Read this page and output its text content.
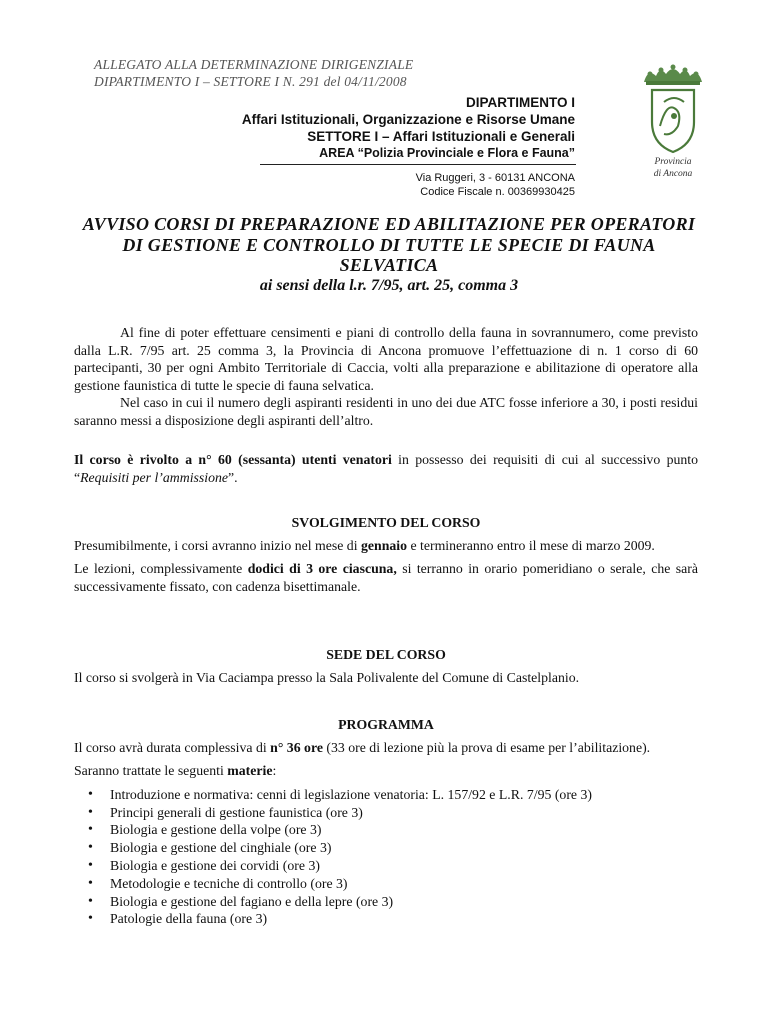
ALLEGATO ALLA DETERMINAZIONE DIRIGENZIALE
DIPARTIMENTO I – SETTORE I N. 291 del 04/11/2008
DIPARTIMENTO I
Affari Istituzionali, Organizzazione e Risorse Umane
SETTORE I – Affari Istituzionali e Generali
AREA “Polizia Provinciale e Flora e Fauna”
Via Ruggeri, 3 - 60131 ANCONA
Codice Fiscale n. 00369930425
Provincia
di Ancona
AVVISO CORSI DI PREPARAZIONE ED ABILITAZIONE PER OPERATORI
DI GESTIONE E CONTROLLO DI TUTTE LE SPECIE DI FAUNA
SELVATICA
ai sensi della l.r. 7/95, art. 25, comma 3

Al fine di poter effettuare censimenti e piani di controllo della fauna in sovrannumero, come previsto dalla L.R. 7/95 art. 25 comma 3, la Provincia di Ancona promuove l’effettuazione di n. 1 corso di 60 partecipanti, 30 per ogni Ambito Territoriale di Caccia, volti alla preparazione e abilitazione di operatore alla gestione faunistica di tutte le specie di fauna selvatica.

Nel caso in cui il numero degli aspiranti residenti in uno dei due ATC fosse inferiore a 30, i posti residui saranno messi a disposizione degli aspiranti dell’altro.

Il corso è rivolto a n° 60 (sessanta) utenti venatori in possesso dei requisiti di cui al successivo punto “Requisiti per l’ammissione”.

SVOLGIMENTO DEL CORSO

Presumibilmente, i corsi avranno inizio nel mese di gennaio e termineranno entro il mese di marzo 2009.

Le lezioni, complessivamente dodici di 3 ore ciascuna, si terranno in orario pomeridiano o serale, che sarà successivamente fissato, con cadenza bisettimanale.

SEDE DEL CORSO

Il corso si svolgerà in Via Caciampa presso la Sala Polivalente del Comune di Castelplanio.

PROGRAMMA

Il corso avrà durata complessiva di n° 36 ore (33 ore di lezione più la prova di esame per l’abilitazione).

Saranno trattate le seguenti materie:

• Introduzione e normativa: cenni di legislazione venatoria: L. 157/92 e L.R. 7/95 (ore 3)
• Principi generali di gestione faunistica (ore 3)
• Biologia e gestione della volpe (ore 3)
• Biologia e gestione del cinghiale (ore 3)
• Biologia e gestione dei corvidi (ore 3)
• Metodologie e tecniche di controllo (ore 3)
• Biologia e gestione del fagiano e della lepre (ore 3)
• Patologie della fauna (ore 3)
